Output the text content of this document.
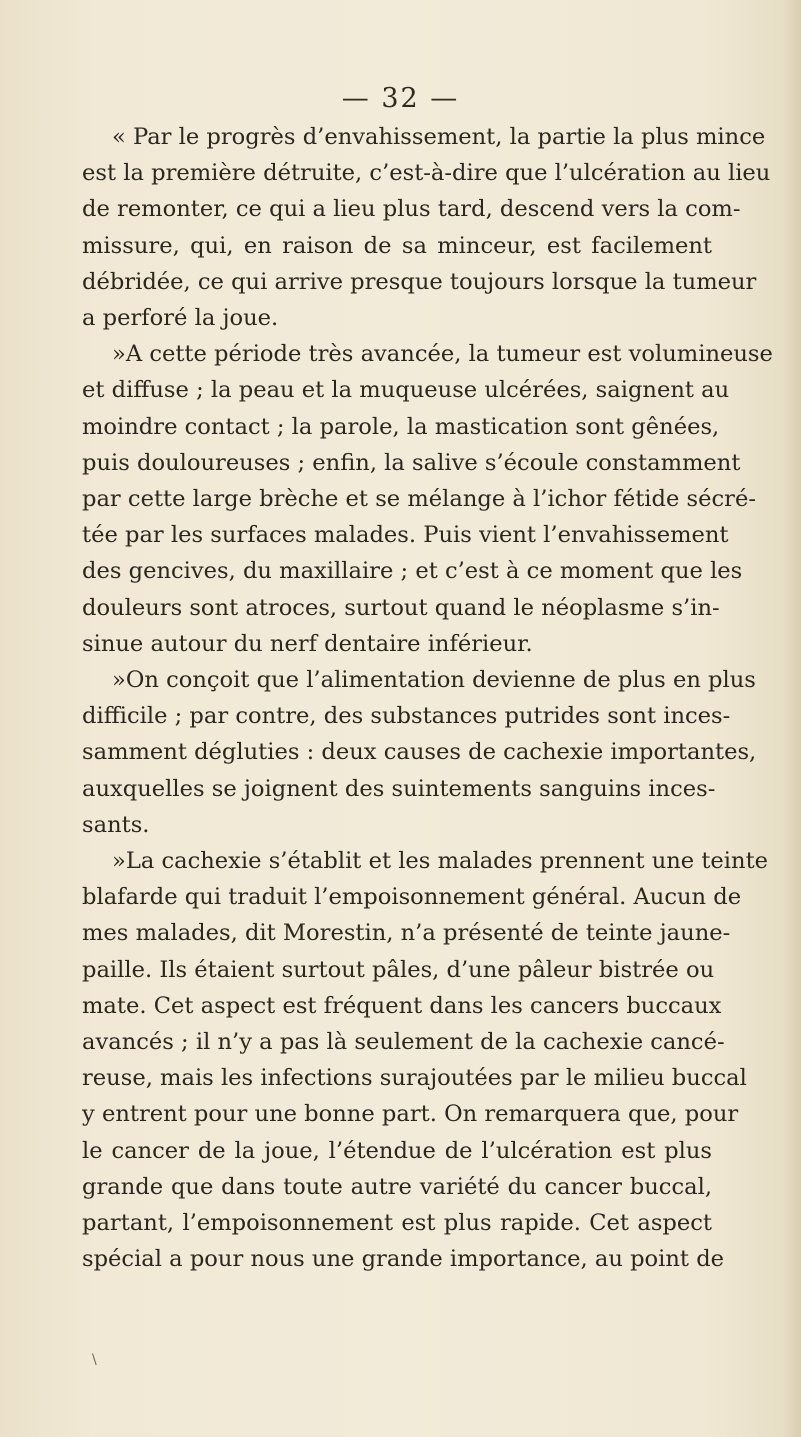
— 32 —
« Par le progrès d’envahissement, la partie la plus mince
est la première détruite, c’est-à-dire que l’ulcération au lieu
de remonter, ce qui a lieu plus tard, descend vers la com-
missure, qui, en raison de sa minceur, est facilement
débridée, ce qui arrive presque toujours lorsque la tumeur
a perforé la joue.
»A cette période très avancée, la tumeur est volumineuse
et diffuse ; la peau et la muqueuse ulcérées, saignent au
moindre contact ; la parole, la mastication sont gênées,
puis douloureuses ; enfin, la salive s’écoule constamment
par cette large brèche et se mélange à l’ichor fétide sécré-
tée par les surfaces malades. Puis vient l’envahissement
des gencives, du maxillaire ; et c’est à ce moment que les
douleurs sont atroces, surtout quand le néoplasme s’in-
sinue autour du nerf dentaire inférieur.
»On conçoit que l’alimentation devienne de plus en plus
difficile ; par contre, des substances putrides sont inces-
samment dégluties : deux causes de cachexie importantes,
auxquelles se joignent des suintements sanguins inces-
sants.
»La cachexie s’établit et les malades prennent une teinte
blafarde qui traduit l’empoisonnement général. Aucun de
mes malades, dit Morestin, n’a présenté de teinte jaune-
paille. Ils étaient surtout pâles, d’une pâleur bistrée ou
mate. Cet aspect est fréquent dans les cancers buccaux
avancés ; il n’y a pas là seulement de la cachexie cancé-
reuse, mais les infections surajoutées par le milieu buccal
y entrent pour une bonne part. On remarquera que, pour
le cancer de la joue, l’étendue de l’ulcération est plus
grande que dans toute autre variété du cancer buccal,
partant, l’empoisonnement est plus rapide. Cet aspect
spécial a pour nous une grande importance, au point de
\
